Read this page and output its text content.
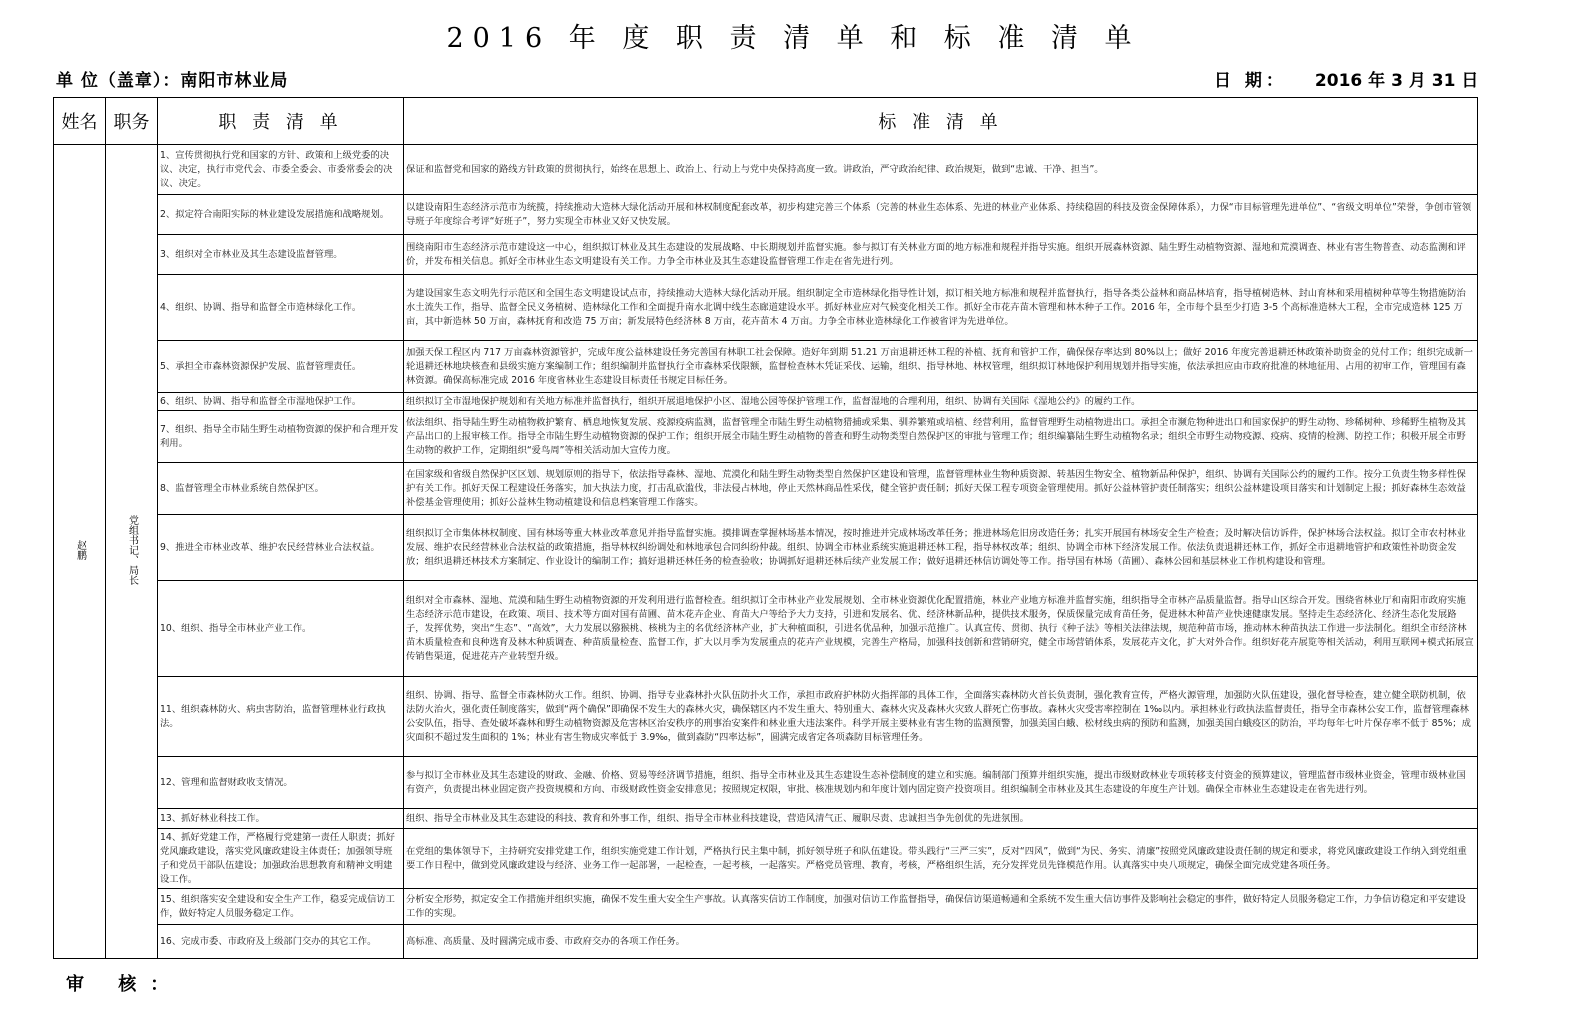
2016 年 度 职 责 清 单 和 标 准 清 单
单 位（盖章）：南阳市林业局	日 期： 2016 年 3 月 31 日
姓名	职务	职 责 清 单	标 准 清 单
赵鹏	党组书记、局长	1、宣传贯彻执行党和国家的方针、政策和上级党委的决议、决定，执行市党代会、市委全委会、市委常委会的决议、决定。	保证和监督党和国家的路线方针政策的贯彻执行，始终在思想上、政治上、行动上与党中央保持高度一致。讲政治，严守政治纪律、政治规矩，做到“忠诚、干净、担当”。
		2、拟定符合南阳实际的林业建设发展措施和战略规划。	以建设南阳生态经济示范市为统揽，持续推动大造林大绿化活动开展和林权制度配套改革，初步构建完善三个体系（完善的林业生态体系、先进的林业产业体系、持续稳固的科技及资金保障体系），力保“市目标管理先进单位”、“省级文明单位”荣誉，争创市管领导班子年度综合考评“好班子”，努力实现全市林业又好又快发展。
		3、组织对全市林业及其生态建设监督管理。	围绕南阳市生态经济示范市建设这一中心，组织拟订林业及其生态建设的发展战略、中长期规划并监督实施。参与拟订有关林业方面的地方标准和规程并指导实施。组织开展森林资源、陆生野生动植物资源、湿地和荒漠调查、林业有害生物普查、动态监测和评价，并发布相关信息。抓好全市林业生态文明建设有关工作。力争全市林业及其生态建设监督管理工作走在省先进行列。
		4、组织、协调、指导和监督全市造林绿化工作。	为建设国家生态文明先行示范区和全国生态文明建设试点市，持续推动大造林大绿化活动开展。组织制定全市造林绿化指导性计划，拟订相关地方标准和规程并监督执行，指导各类公益林和商品林培育，指导植树造林、封山育林和采用植树种草等生物措施防治水土流失工作，指导、监督全民义务植树、造林绿化工作和全面提升南水北调中线生态廊道建设水平。抓好林业应对气候变化相关工作。抓好全市花卉苗木管理和林木种子工作。2016 年，全市每个县至少打造 3-5 个高标准造林大工程，全市完成造林 125 万亩，其中新造林 50 万亩，森林抚育和改造 75 万亩；新发展特色经济林 8 万亩，花卉苗木 4 万亩。力争全市林业造林绿化工作被省评为先进单位。
		5、承担全市森林资源保护发展、监督管理责任。	加强天保工程区内 717 万亩森林资源管护，完成年度公益林建设任务完善国有林职工社会保障。造好年到期 51.21 万亩退耕还林工程的补植、抚育和管护工作，确保保存率达到 80%以上；做好 2016 年度完善退耕还林政策补助资金的兑付工作；组织完成新一轮退耕还林地块核查和县级实施方案编制工作；组织编制并监督执行全市森林采伐限额，监督检查林木凭证采伐、运输，组织、指导林地、林权管理，组织拟订林地保护利用规划并指导实施，依法承担应由市政府批准的林地征用、占用的初审工作，管理国有森林资源。确保高标准完成 2016 年度省林业生态建设目标责任书规定目标任务。
		6、组织、协调、指导和监督全市湿地保护工作。	组织拟订全市湿地保护规划和有关地方标准并监督执行，组织开展退地保护小区、湿地公园等保护管理工作，监督湿地的合理利用，组织、协调有关国际《湿地公约》的履约工作。
		7、组织、指导全市陆生野生动植物资源的保护和合理开发利用。	依法组织、指导陆生野生动植物救护繁育、栖息地恢复发展、疫源疫病监测，监督管理全市陆生野生动植物猎捕或采集、驯养繁殖或培植、经营利用，监督管理野生动植物进出口。承担全市濒危物种进出口和国家保护的野生动物、珍稀树种、珍稀野生植物及其产品出口的上报审核工作。指导全市陆生野生动植物资源的保护工作；组织开展全市陆生野生动植物的普查和野生动物类型自然保护区的审批与管理工作；组织编纂陆生野生动植物名录；组织全市野生动物疫源、疫病、疫情的检测、防控工作；积极开展全市野生动物的救护工作，定期组织“爱鸟周”等相关活动加大宣传力度。
		8、监督管理全市林业系统自然保护区。	在国家级和省级自然保护区区划、规划原则的指导下，依法指导森林、湿地、荒漠化和陆生野生动物类型自然保护区建设和管理，监督管理林业生物种质资源、转基因生物安全、植物新品种保护，组织、协调有关国际公约的履约工作。按分工负责生物多样性保护有关工作。抓好天保工程建设任务落实，加大执法力度，打击乱砍滥伐，非法侵占林地，停止天然林商品性采伐，健全管护责任制；抓好天保工程专项资金管理使用。抓好公益林管护责任制落实；组织公益林建设项目落实和计划制定上报；抓好森林生态效益补偿基金管理使用；抓好公益林生物动植建设和信息档案管理工作落实。
		9、推进全市林业改革、维护农民经营林业合法权益。	组织拟订全市集体林权制度、国有林场等重大林业改革意见并指导监督实施。摸排调查掌握林场基本情况，按时推进并完成林场改革任务；推进林场危旧房改造任务；扎实开展国有林场安全生产检查；及时解决信访诉件，保护林场合法权益。拟订全市农村林业发展、维护农民经营林业合法权益的政策措施，指导林权纠纷调处和林地承包合同纠纷仲裁。组织、协调全市林业系统实施退耕还林工程，指导林权改革；组织、协调全市林下经济发展工作。依法负责退耕还林工作，抓好全市退耕地管护和政策性补助资金发放；组织退耕还林技术方案制定、作业设计的编制工作；搞好退耕还林任务的检查验收；协调抓好退耕还林后续产业发展工作；做好退耕还林信访调处等工作。指导国有林场（苗圃）、森林公园和基层林业工作机构建设和管理。
		10、组织、指导全市林业产业工作。	组织对全市森林、湿地、荒漠和陆生野生动植物资源的开发利用进行监督检查。组织拟订全市林业产业发展规划、全市林业资源优化配置措施，林业产业地方标准并监督实施，组织指导全市林产品质量监督。指导山区综合开发。围绕省林业厅和南阳市政府实施生态经济示范市建设，在政策、项目、技术等方面对国有苗圃、苗木花卉企业、育苗大户等给予大力支持，引进和发展名、优、经济林新品种，提供技术服务，保质保量完成育苗任务，促进林木种苗产业快速健康发展。坚持走生态经济化、经济生态化发展路子，发挥优势，突出“生态”、“高效”，大力发展以猕猴桃、核桃为主的名优经济林产业，扩大种植面积，引进名优品种，加强示范推广。认真宣传、贯彻、执行《种子法》等相关法律法规，规范种苗市场，推动林木种苗执法工作进一步法制化。组织全市经济林苗木质量检查和良种选育及林木种质调查、种苗质量检查、监督工作，扩大以月季为发展重点的花卉产业规模，完善生产格局，加强科技创新和营销研究，健全市场营销体系，发展花卉文化，扩大对外合作。组织好花卉展览等相关活动，利用互联网+模式拓展宣传销售渠道，促进花卉产业转型升级。
		11、组织森林防火、病虫害防治，监督管理林业行政执法。	组织、协调、指导、监督全市森林防火工作。组织、协调、指导专业森林扑火队伍防扑火工作，承担市政府护林防火指挥部的具体工作，全面落实森林防火首长负责制，强化教育宣传，严格火源管理，加强防火队伍建设，强化督导检查，建立健全联防机制，依法防火治火，强化责任制度落实，做到“两个确保”即确保不发生大的森林火灾，确保辖区内不发生重大、特别重大、森林火灾及森林火灾致人群死亡伤事故。森林火灾受害率控制在 1‰以内。承担林业行政执法监督责任，指导全市森林公安工作，监督管理森林公安队伍，指导、查处破坏森林和野生动植物资源及危害林区治安秩序的刑事治安案件和林业重大违法案件。科学开展主要林业有害生物的监测预警，加强美国白蛾、松材线虫病的预防和监测，加强美国白蛾疫区的防治，平均每年七叶片保存率不低于 85%；成灾面积不超过发生面积的 1%；林业有害生物成灾率低于 3.9‰，做到森防“四率达标”，圆满完成省定各项森防目标管理任务。
		12、管理和监督财政收支情况。	参与拟订全市林业及其生态建设的财政、金融、价格、贸易等经济调节措施，组织、指导全市林业及其生态建设生态补偿制度的建立和实施。编制部门预算并组织实施，提出市级财政林业专项转移支付资金的预算建议，管理监督市级林业资金，管理市级林业国有资产，负责提出林业固定资产投资规模和方向、市级财政性资金安排意见；按照规定权限，审批、核准规划内和年度计划内固定资产投资项目。组织编制全市林业及其生态建设的年度生产计划。确保全市林业生态建设走在省先进行列。
		13、抓好林业科技工作。	组织、指导全市林业及其生态建设的科技、教育和外事工作，组织、指导全市林业科技建设，营造风清气正、履职尽责、忠诚担当争先创优的先进氛围。
		14、抓好党建工作，严格履行党建第一责任人职责；抓好党风廉政建设，落实党风廉政建设主体责任；加强领导班子和党员干部队伍建设；加强政治思想教育和精神文明建设工作。	在党组的集体领导下，主持研究安排党建工作，组织实施党建工作计划，严格执行民主集中制，抓好领导班子和队伍建设。带头践行“三严三实”，反对“四风”，做到“为民、务实、清廉”按照党风廉政建设责任制的规定和要求，将党风廉政建设工作纳入到党组重要工作日程中，做到党风廉政建设与经济、业务工作一起部署，一起检查，一起考核，一起落实。严格党员管理、教育，考核，严格组织生活，充分发挥党员先锋模范作用。认真落实中央八项规定，确保全面完成党建各项任务。
		15、组织落实安全建设和安全生产工作，稳妥完成信访工作，做好特定人员服务稳定工作。	分析安全形势，拟定安全工作措施并组织实施，确保不发生重大安全生产事故。认真落实信访工作制度，加强对信访工作监督指导，确保信访渠道畅通和全系统不发生重大信访事件及影响社会稳定的事件，做好特定人员服务稳定工作，力争信访稳定和平安建设工作的实现。
		16、完成市委、市政府及上级部门交办的其它工作。	高标准、高质量、及时圆满完成市委、市政府交办的各项工作任务。
审 核：
